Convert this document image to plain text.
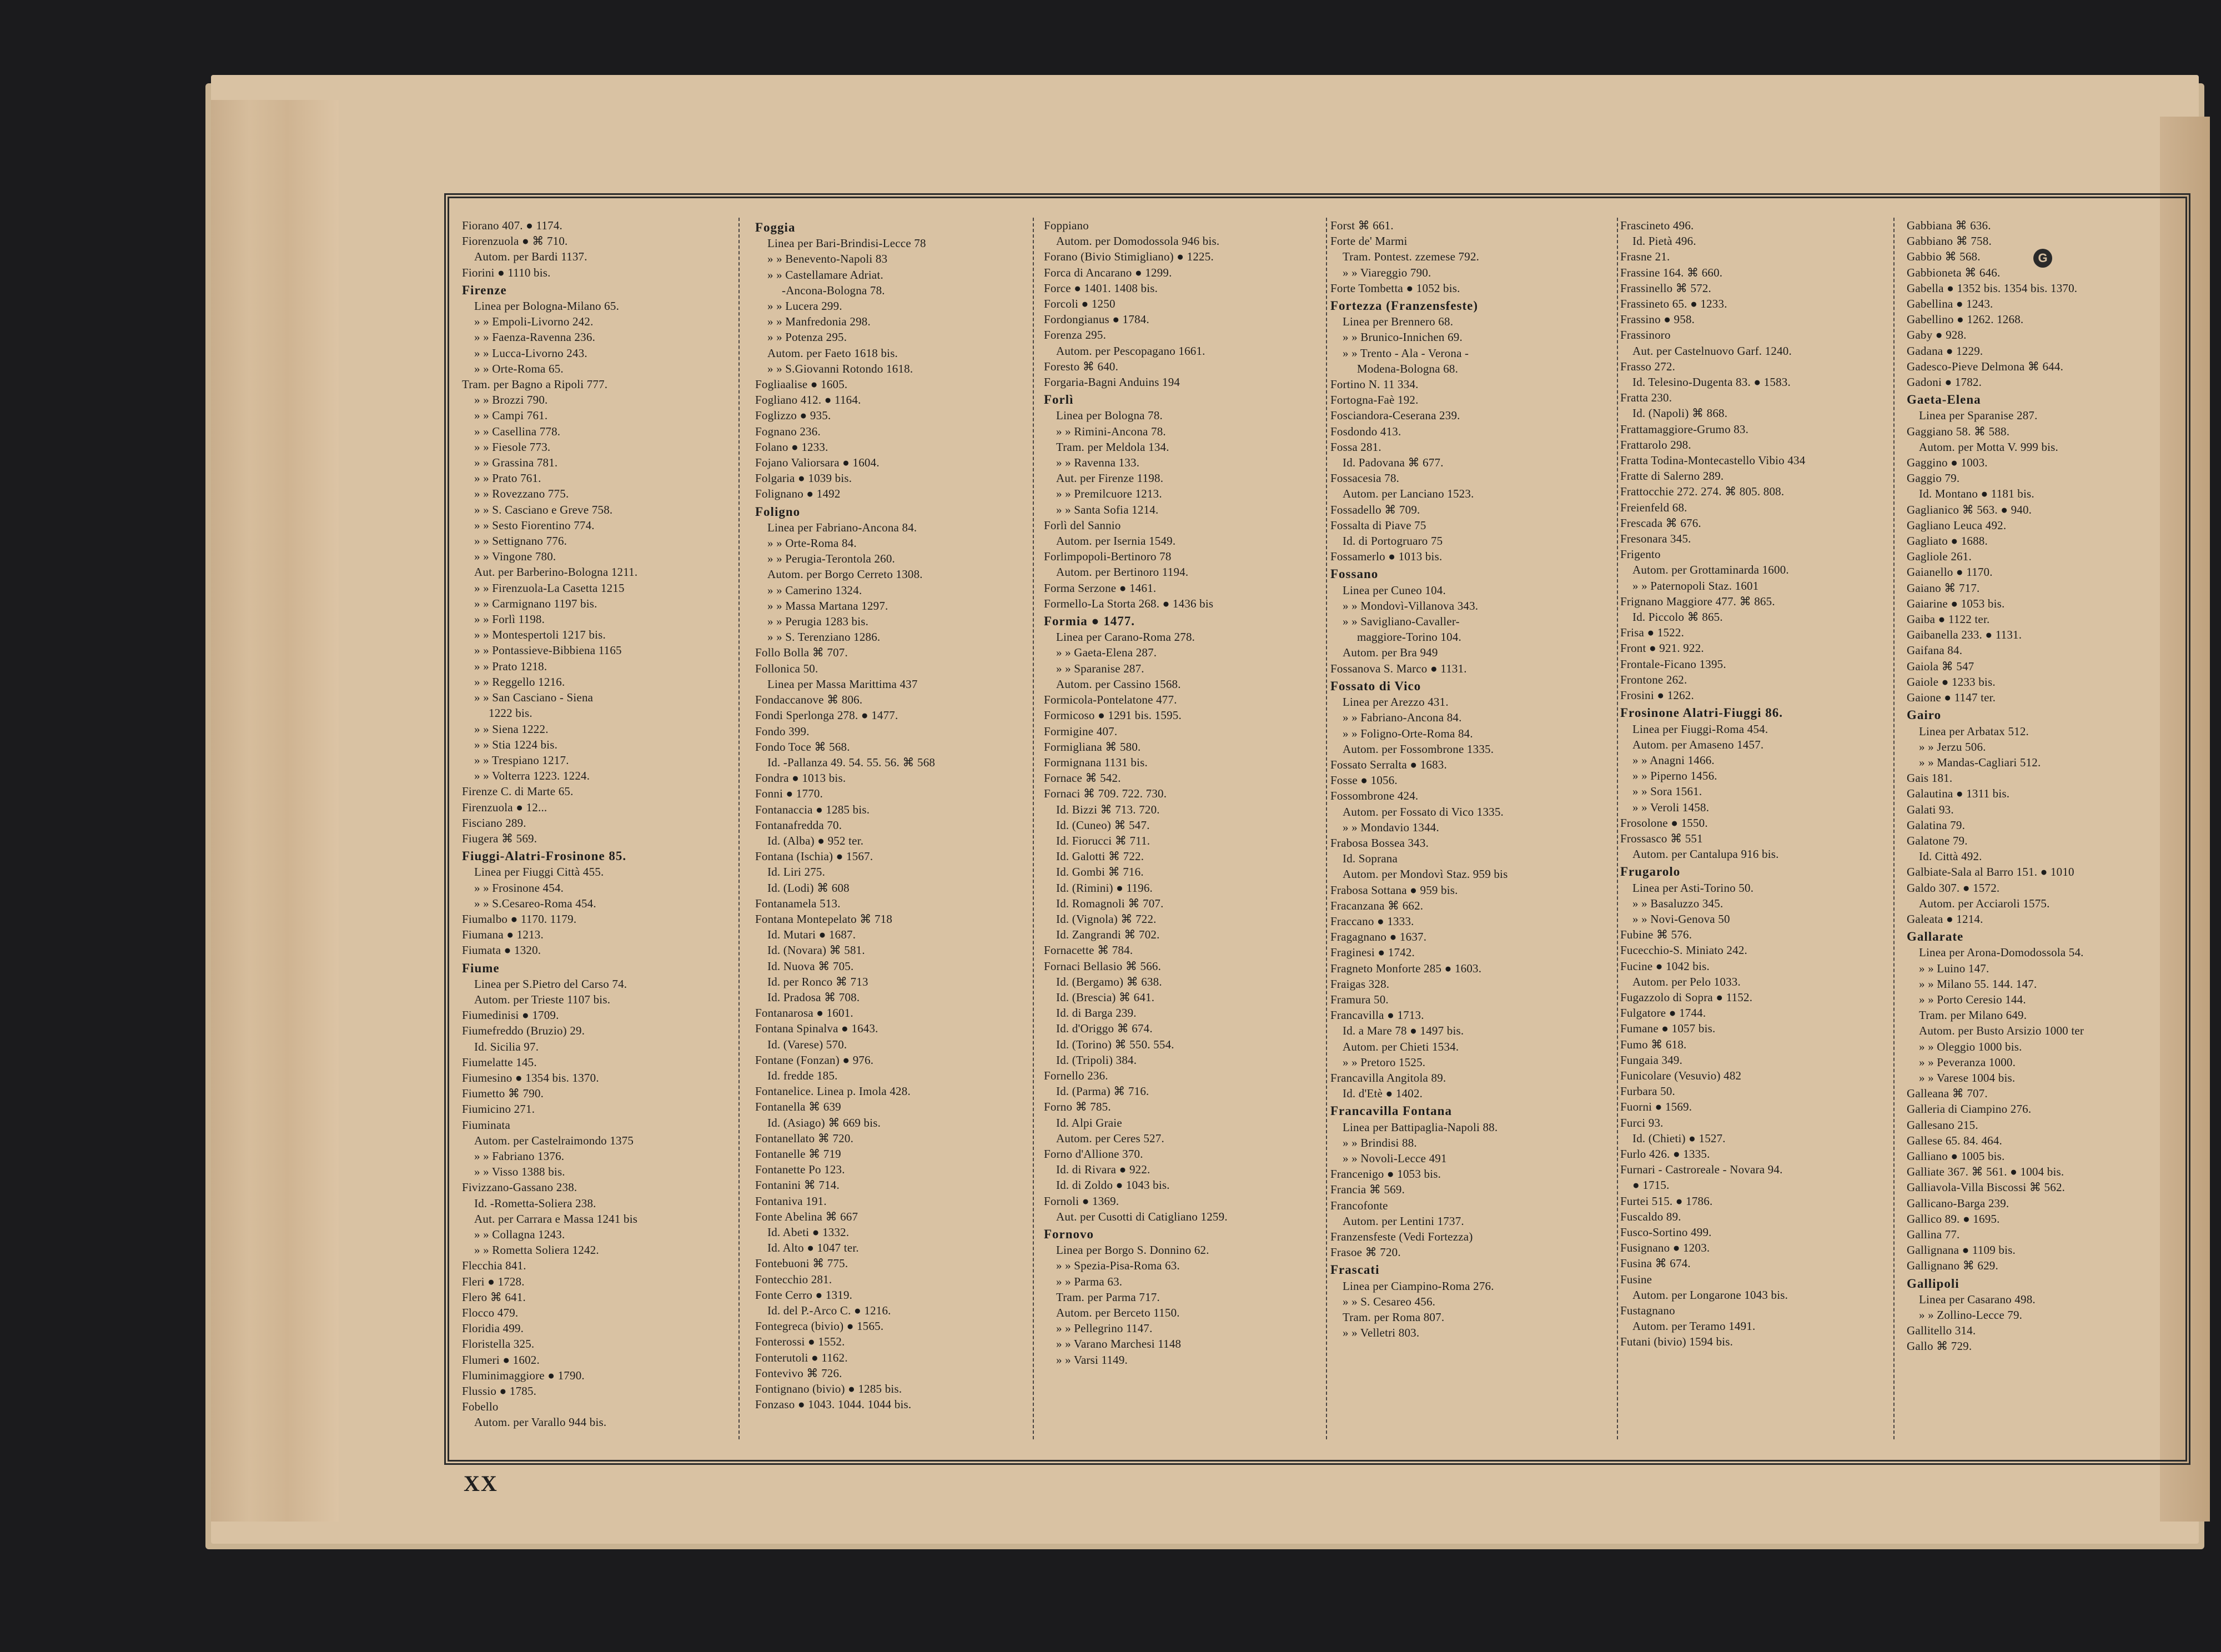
Fiorano 407. ● 1174.
Fiorenzuola ● ⌘ 710.
Autom. per Bardi 1137.
Fiorini ● 1110 bis.
Firenze
Linea per Bologna-Milano 65.
» » Empoli-Livorno 242.
» » Faenza-Ravenna 236.
» » Lucca-Livorno 243.
» » Orte-Roma 65.
Tram. per Bagno a Ripoli 777.
» » Brozzi 790.
» » Campi 761.
» » Casellina 778.
» » Fiesole 773.
» » Grassina 781.
» » Prato 761.
» » Rovezzano 775.
» » S. Casciano e Greve 758.
» » Sesto Fiorentino 774.
» » Settignano 776.
» » Vingone 780.
Aut. per Barberino-Bologna 1211.
» » Firenzuola-La Casetta 1215
» » Carmignano 1197 bis.
» » Forlì 1198.
» » Montespertoli 1217 bis.
» » Pontassieve-Bibbiena 1165
» » Prato 1218.
» » Reggello 1216.
» » San Casciano - Siena
1222 bis.
» » Siena 1222.
» » Stia 1224 bis.
» » Trespiano 1217.
» » Volterra 1223. 1224.
Firenze C. di Marte 65.
Firenzuola ● 12...
Fisciano 289.
Fiugera ⌘ 569.
Fiuggi-Alatri-Frosinone 85.
Linea per Fiuggi Città 455.
» » Frosinone 454.
» » S.Cesareo-Roma 454.
Fiumalbo ● 1170. 1179.
Fiumana ● 1213.
Fiumata ● 1320.
Fiume
Linea per S.Pietro del Carso 74.
Autom. per Trieste 1107 bis.
Fiumedinisi ● 1709.
Fiumefreddo (Bruzio) 29.
Id. Sicilia 97.
Fiumelatte 145.
Fiumesino ● 1354 bis. 1370.
Fiumetto ⌘ 790.
Fiumicino 271.
Fiuminata
Autom. per Castelraimondo 1375
» » Fabriano 1376.
» » Visso 1388 bis.
Fivizzano-Gassano 238.
Id. -Rometta-Soliera 238.
Aut. per Carrara e Massa 1241 bis
» » Collagna 1243.
» » Rometta Soliera 1242.
Flecchia 841.
Fleri ● 1728.
Flero ⌘ 641.
Flocco 479.
Floridia 499.
Floristella 325.
Flumeri ● 1602.
Fluminimaggiore ● 1790.
Flussio ● 1785.
Fobello
Autom. per Varallo 944 bis.
Foggia
Linea per Bari-Brindisi-Lecce 78
» » Benevento-Napoli 83
» » Castellamare Adriat.
-Ancona-Bologna 78.
» » Lucera 299.
» » Manfredonia 298.
» » Potenza 295.
Autom. per Faeto 1618 bis.
» » S.Giovanni Rotondo 1618.
Fogliaalise ● 1605.
Fogliano 412. ● 1164.
Foglizzo ● 935.
Fognano 236.
Folano ● 1233.
Fojano Valiorsara ● 1604.
Folgaria ● 1039 bis.
Folignano ● 1492
Foligno
Linea per Fabriano-Ancona 84.
» » Orte-Roma 84.
» » Perugia-Terontola 260.
Autom. per Borgo Cerreto 1308.
» » Camerino 1324.
» » Massa Martana 1297.
» » Perugia 1283 bis.
» » S. Terenziano 1286.
Follo Bolla ⌘ 707.
Follonica 50.
Linea per Massa Marittima 437
Fondaccanove ⌘ 806.
Fondi Sperlonga 278. ● 1477.
Fondo 399.
Fondo Toce ⌘ 568.
Id. -Pallanza 49. 54. 55. 56. ⌘ 568
Fondra ● 1013 bis.
Fonni ● 1770.
Fontanaccia ● 1285 bis.
Fontanafredda 70.
Id. (Alba) ● 952 ter.
Fontana (Ischia) ● 1567.
Id. Liri 275.
Id. (Lodi) ⌘ 608
Fontanamela 513.
Fontana Montepelato ⌘ 718
Id. Mutari ● 1687.
Id. (Novara) ⌘ 581.
Id. Nuova ⌘ 705.
Id. per Ronco ⌘ 713
Id. Pradosa ⌘ 708.
Fontanarosa ● 1601.
Fontana Spinalva ● 1643.
Id. (Varese) 570.
Fontane (Fonzan) ● 976.
Id. fredde 185.
Fontanelice. Linea p. Imola 428.
Fontanella ⌘ 639
Id. (Asiago) ⌘ 669 bis.
Fontanellato ⌘ 720.
Fontanelle ⌘ 719
Fontanette Po 123.
Fontanini ⌘ 714.
Fontaniva 191.
Fonte Abelina ⌘ 667
Id. Abeti ● 1332.
Id. Alto ● 1047 ter.
Fontebuoni ⌘ 775.
Fontecchio 281.
Fonte Cerro ● 1319.
Id. del P.-Arco C. ● 1216.
Fontegreca (bivio) ● 1565.
Fonterossi ● 1552.
Fonterutoli ● 1162.
Fontevivo ⌘ 726.
Fontignano (bivio) ● 1285 bis.
Fonzaso ● 1043. 1044. 1044 bis.
Foppiano
Autom. per Domodossola 946 bis.
Forano (Bivio Stimigliano) ● 1225.
Forca di Ancarano ● 1299.
Force ● 1401. 1408 bis.
Forcoli ● 1250
Fordongianus ● 1784.
Forenza 295.
Autom. per Pescopagano 1661.
Foresto ⌘ 640.
Forgaria-Bagni Anduins 194
Forlì
Linea per Bologna 78.
» » Rimini-Ancona 78.
Tram. per Meldola 134.
» » Ravenna 133.
Aut. per Firenze 1198.
» » Premilcuore 1213.
» » Santa Sofia 1214.
Forlì del Sannio
Autom. per Isernia 1549.
Forlimpopoli-Bertinoro 78
Autom. per Bertinoro 1194.
Forma Serzone ● 1461.
Formello-La Storta 268. ● 1436 bis
Formia ● 1477.
Linea per Carano-Roma 278.
» » Gaeta-Elena 287.
» » Sparanise 287.
Autom. per Cassino 1568.
Formicola-Pontelatone 477.
Formicoso ● 1291 bis. 1595.
Formigine 407.
Formigliana ⌘ 580.
Formignana 1131 bis.
Fornace ⌘ 542.
Fornaci ⌘ 709. 722. 730.
Id. Bizzi ⌘ 713. 720.
Id. (Cuneo) ⌘ 547.
Id. Fiorucci ⌘ 711.
Id. Galotti ⌘ 722.
Id. Gombi ⌘ 716.
Id. (Rimini) ● 1196.
Id. Romagnoli ⌘ 707.
Id. (Vignola) ⌘ 722.
Id. Zangrandi ⌘ 702.
Fornacette ⌘ 784.
Fornaci Bellasio ⌘ 566.
Id. (Bergamo) ⌘ 638.
Id. (Brescia) ⌘ 641.
Id. di Barga 239.
Id. d'Origgo ⌘ 674.
Id. (Torino) ⌘ 550. 554.
Id. (Tripoli) 384.
Fornello 236.
Id. (Parma) ⌘ 716.
Forno ⌘ 785.
Id. Alpi Graie
Autom. per Ceres 527.
Forno d'Allione 370.
Id. di Rivara ● 922.
Id. di Zoldo ● 1043 bis.
Fornoli ● 1369.
Aut. per Cusotti di Catigliano 1259.
Fornovo
Linea per Borgo S. Donnino 62.
» » Spezia-Pisa-Roma 63.
» » Parma 63.
Tram. per Parma 717.
Autom. per Berceto 1150.
» » Pellegrino 1147.
» » Varano Marchesi 1148
» » Varsi 1149.
Forst ⌘ 661.
Forte de' Marmi
Tram. Pontest. zzemese 792.
» » Viareggio 790.
Forte Tombetta ● 1052 bis.
Fortezza (Franzensfeste)
Linea per Brennero 68.
» » Brunico-Innichen 69.
» » Trento - Ala - Verona -
Modena-Bologna 68.
Fortino N. 11 334.
Fortogna-Faè 192.
Fosciandora-Ceserana 239.
Fosdondo 413.
Fossa 281.
Id. Padovana ⌘ 677.
Fossacesia 78.
Autom. per Lanciano 1523.
Fossadello ⌘ 709.
Fossalta di Piave 75
Id. di Portogruaro 75
Fossamerlo ● 1013 bis.
Fossano
Linea per Cuneo 104.
» » Mondovì-Villanova 343.
» » Savigliano-Cavaller-
maggiore-Torino 104.
Autom. per Bra 949
Fossanova S. Marco ● 1131.
Fossato di Vico
Linea per Arezzo 431.
» » Fabriano-Ancona 84.
» » Foligno-Orte-Roma 84.
Autom. per Fossombrone 1335.
Fossato Serralta ● 1683.
Fosse ● 1056.
Fossombrone 424.
Autom. per Fossato di Vico 1335.
» » Mondavio 1344.
Frabosa Bossea 343.
Id. Soprana
Autom. per Mondovì Staz. 959 bis
Frabosa Sottana ● 959 bis.
Fracanzana ⌘ 662.
Fraccano ● 1333.
Fragagnano ● 1637.
Fraginesi ● 1742.
Fragneto Monforte 285 ● 1603.
Fraigas 328.
Framura 50.
Francavilla ● 1713.
Id. a Mare 78 ● 1497 bis.
Autom. per Chieti 1534.
» » Pretoro 1525.
Francavilla Angitola 89.
Id. d'Etè ● 1402.
Francavilla Fontana
Linea per Battipaglia-Napoli 88.
» » Brindisi 88.
» » Novoli-Lecce 491
Francenigo ● 1053 bis.
Francia ⌘ 569.
Francofonte
Autom. per Lentini 1737.
Franzensfeste (Vedi Fortezza)
Frasoe ⌘ 720.
Frascati
Linea per Ciampino-Roma 276.
» » S. Cesareo 456.
Tram. per Roma 807.
» » Velletri 803.
Frascineto 496.
Id. Pietà 496.
Frasne 21.
Frassine 164. ⌘ 660.
Frassinello ⌘ 572.
Frassineto 65. ● 1233.
Frassino ● 958.
Frassinoro
Aut. per Castelnuovo Garf. 1240.
Frasso 272.
Id. Telesino-Dugenta 83. ● 1583.
Fratta 230.
Id. (Napoli) ⌘ 868.
Frattamaggiore-Grumo 83.
Frattarolo 298.
Fratta Todina-Montecastello Vibio 434
Fratte di Salerno 289.
Frattocchie 272. 274. ⌘ 805. 808.
Freienfeld 68.
Frescada ⌘ 676.
Fresonara 345.
Frigento
Autom. per Grottaminarda 1600.
» » Paternopoli Staz. 1601
Frignano Maggiore 477. ⌘ 865.
Id. Piccolo ⌘ 865.
Frisa ● 1522.
Front ● 921. 922.
Frontale-Ficano 1395.
Frontone 262.
Frosini ● 1262.
Frosinone Alatri-Fiuggi 86.
Linea per Fiuggi-Roma 454.
Autom. per Amaseno 1457.
» » Anagni 1466.
» » Piperno 1456.
» » Sora 1561.
» » Veroli 1458.
Frosolone ● 1550.
Frossasco ⌘ 551
Autom. per Cantalupa 916 bis.
Frugarolo
Linea per Asti-Torino 50.
» » Basaluzzo 345.
» » Novi-Genova 50
Fubine ⌘ 576.
Fucecchio-S. Miniato 242.
Fucine ● 1042 bis.
Autom. per Pelo 1033.
Fugazzolo di Sopra ● 1152.
Fulgatore ● 1744.
Fumane ● 1057 bis.
Fumo ⌘ 618.
Fungaia 349.
Funicolare (Vesuvio) 482
Furbara 50.
Fuorni ● 1569.
Furci 93.
Id. (Chieti) ● 1527.
Furlo 426. ● 1335.
Furnari - Castroreale - Novara 94.
● 1715.
Furtei 515. ● 1786.
Fuscaldo 89.
Fusco-Sortino 499.
Fusignano ● 1203.
Fusina ⌘ 674.
Fusine
Autom. per Longarone 1043 bis.
Fustagnano
Autom. per Teramo 1491.
Futani (bivio) 1594 bis.
Gabbiana ⌘ 636.
Gabbiano ⌘ 758.
Gabbio ⌘ 568.
Gabbioneta ⌘ 646.
Gabella ● 1352 bis. 1354 bis. 1370.
Gabellina ● 1243.
Gabellino ● 1262. 1268.
Gaby ● 928.
Gadana ● 1229.
Gadesco-Pieve Delmona ⌘ 644.
Gadoni ● 1782.
Gaeta-Elena
Linea per Sparanise 287.
Gaggiano 58. ⌘ 588.
Autom. per Motta V. 999 bis.
Gaggino ● 1003.
Gaggio 79.
Id. Montano ● 1181 bis.
Gaglianico ⌘ 563. ● 940.
Gagliano Leuca 492.
Gagliato ● 1688.
Gagliole 261.
Gaianello ● 1170.
Gaiano ⌘ 717.
Gaiarine ● 1053 bis.
Gaiba ● 1122 ter.
Gaibanella 233. ● 1131.
Gaifana 84.
Gaiola ⌘ 547
Gaiole ● 1233 bis.
Gaione ● 1147 ter.
Gairo
Linea per Arbatax 512.
» » Jerzu 506.
» » Mandas-Cagliari 512.
Gais 181.
Galautina ● 1311 bis.
Galati 93.
Galatina 79.
Galatone 79.
Id. Città 492.
Galbiate-Sala al Barro 151. ● 1010
Galdo 307. ● 1572.
Autom. per Acciaroli 1575.
Galeata ● 1214.
Gallarate
Linea per Arona-Domodossola 54.
» » Luino 147.
» » Milano 55. 144. 147.
» » Porto Ceresio 144.
Tram. per Milano 649.
Autom. per Busto Arsizio 1000 ter
» » Oleggio 1000 bis.
» » Peveranza 1000.
» » Varese 1004 bis.
Galleana ⌘ 707.
Galleria di Ciampino 276.
Gallesano 215.
Gallese 65. 84. 464.
Galliano ● 1005 bis.
Galliate 367. ⌘ 561. ● 1004 bis.
Galliavola-Villa Biscossi ⌘ 562.
Gallicano-Barga 239.
Gallico 89. ● 1695.
Gallina 77.
Gallignana ● 1109 bis.
Gallignano ⌘ 629.
Gallipoli
Linea per Casarano 498.
» » Zollino-Lecce 79.
Gallitello 314.
Gallo ⌘ 729.
G
XX
